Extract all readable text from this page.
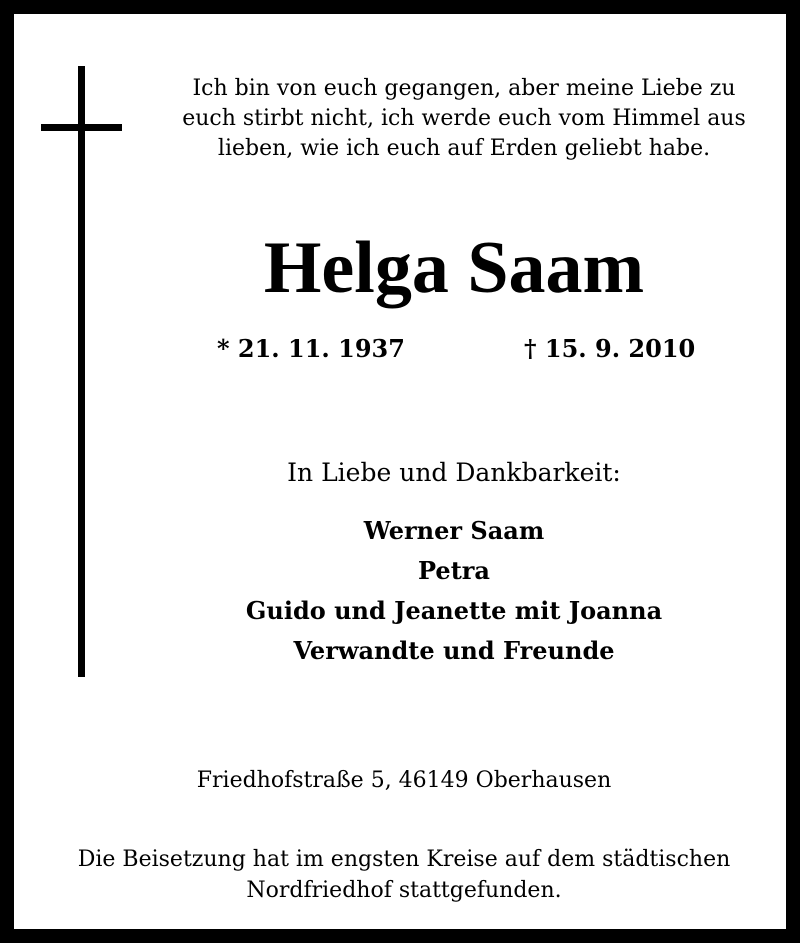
Ich bin von euch gegangen, aber meine Liebe zu
euch stirbt nicht, ich werde euch vom Himmel aus
lieben, wie ich euch auf Erden geliebt habe.
Helga Saam
* 21. 11. 1937	† 15. 9. 2010
In Liebe und Dankbarkeit:
Werner Saam
Petra
Guido und Jeanette mit Joanna
Verwandte und Freunde
Friedhofstraße 5, 46149 Oberhausen
Die Beisetzung hat im engsten Kreise auf dem städtischen
Nordfriedhof stattgefunden.
